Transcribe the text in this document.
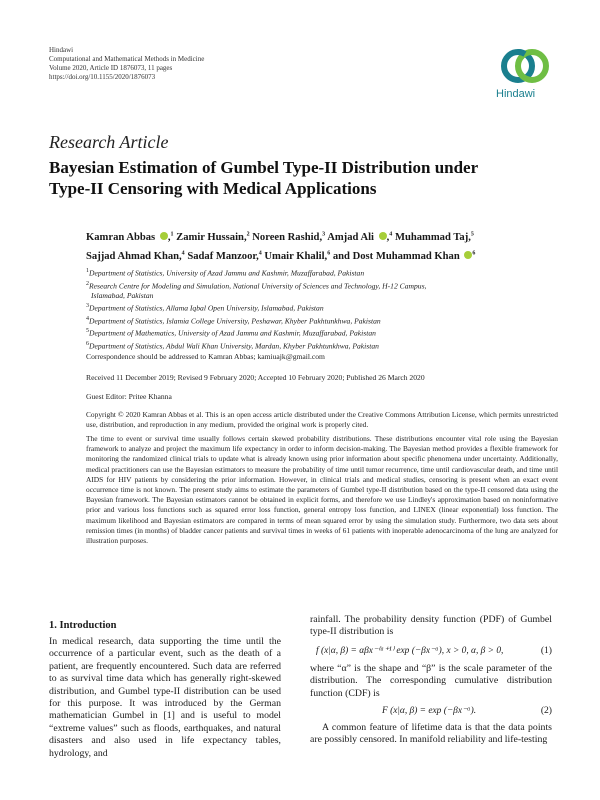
Hindawi
Computational and Mathematical Methods in Medicine
Volume 2020, Article ID 1876073, 11 pages
https://doi.org/10.1155/2020/1876073
Hindawi
Research Article
Bayesian Estimation of Gumbel Type-II Distribution under
Type-II Censoring with Medical Applications
Kamran Abbas ,$^1$ Zamir Hussain,$^2$ Noreen Rashid,$^3$ Amjad Ali ,$^4$ Muhammad Taj,$^5$
Sajjad Ahmad Khan,$^4$ Sadaf Manzoor,$^4$ Umair Khalil,$^6$ and Dost Muhammad Khan $^6$
$^1$Department of Statistics, University of Azad Jammu and Kashmir, Muzaffarabad, Pakistan
$^2$Research Centre for Modeling and Simulation, National University of Sciences and Technology, H-12 Campus,
Islamabad, Pakistan
$^3$Department of Statistics, Allama Iqbal Open University, Islamabad, Pakistan
$^4$Department of Statistics, Islamia College University, Peshawar, Khyber Pakhtunkhwa, Pakistan
$^5$Department of Mathematics, University of Azad Jammu and Kashmir, Muzaffarabad, Pakistan
$^6$Department of Statistics, Abdul Wali Khan University, Mardan, Khyber Pakhtunkhwa, Pakistan
Correspondence should be addressed to Kamran Abbas; kamiuajk@gmail.com
Received 11 December 2019; Revised 9 February 2020; Accepted 10 February 2020; Published 26 March 2020
Guest Editor: Pritee Khanna
Copyright © 2020 Kamran Abbas et al. This is an open access article distributed under the Creative Commons Attribution License, which permits unrestricted use, distribution, and reproduction in any medium, provided the original work is properly cited.
The time to event or survival time usually follows certain skewed probability distributions. These distributions encounter vital role using the Bayesian framework to analyze and project the maximum life expectancy in order to inform decision-making. The Bayesian method provides a flexible framework for monitoring the randomized clinical trials to update what is already known using prior information about specific phenomena under uncertainty. Additionally, medical practitioners can use the Bayesian estimators to measure the probability of time until tumor recurrence, time until cardiovascular death, and time until AIDS for HIV patients by considering the prior information. However, in clinical trials and medical studies, censoring is present when an exact event occurrence time is not known. The present study aims to estimate the parameters of Gumbel type-II distribution based on the type-II censored data using the Bayesian framework. The Bayesian estimators cannot be obtained in explicit forms, and therefore we use Lindley's approximation based on noninformative prior and various loss functions such as squared error loss function, general entropy loss function, and LINEX (linear exponential) loss function. The maximum likelihood and Bayesian estimators are compared in terms of mean squared error by using the simulation study. Furthermore, two data sets about remission times (in months) of bladder cancer patients and survival times in weeks of 61 patients with inoperable adenocarcinoma of the lung are analyzed for illustration purposes.
1. Introduction
In medical research, data supporting the time until the occurrence of a particular event, such as the death of a patient, are frequently encountered. Such data are referred to as survival time data which has generally right-skewed distribution, and Gumbel type-II distribution can be used for this purpose. It was introduced by the German mathematician Gumbel in [1] and is useful to model “extreme values” such as floods, earthquakes, and natural disasters and also used in life expectancy tables, hydrology, and
rainfall. The probability density function (PDF) of Gumbel type-II distribution is
f (x|α, β) = αβx⁻⁽ᵅ⁺¹⁾ exp (−βx⁻ᵅ), x > 0, α, β > 0,	(1)
where “α” is the shape and “β” is the scale parameter of the distribution. The corresponding cumulative distribution function (CDF) is
F (x|α, β) = exp (−βx⁻ᵅ).	(2)
A common feature of lifetime data is that the data points are possibly censored. In manifold reliability and life-testing
